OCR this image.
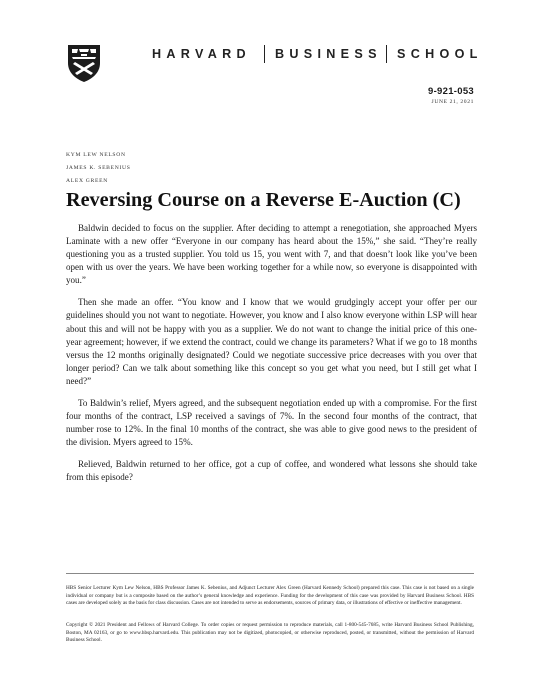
HARVARD BUSINESS SCHOOL
9-921-053
JUNE 21, 2021
KYM LEW NELSON
JAMES K. SEBENIUS
ALEX GREEN
Reversing Course on a Reverse E-Auction (C)

Baldwin decided to focus on the supplier. After deciding to attempt a renegotiation, she approached Myers Laminate with a new offer “Everyone in our company has heard about the 15%,” she said. “They’re really questioning you as a trusted supplier. You told us 15, you went with 7, and that doesn’t look like you’ve been open with us over the years. We have been working together for a while now, so everyone is disappointed with you.”

Then she made an offer. “You know and I know that we would grudgingly accept your offer per our guidelines should you not want to negotiate. However, you know and I also know everyone within LSP will hear about this and will not be happy with you as a supplier. We do not want to change the initial price of this one-year agreement; however, if we extend the contract, could we change its parameters? What if we go to 18 months versus the 12 months originally designated? Could we negotiate successive price decreases with you over that longer period? Can we talk about something like this concept so you get what you need, but I still get what I need?”

To Baldwin’s relief, Myers agreed, and the subsequent negotiation ended up with a compromise. For the first four months of the contract, LSP received a savings of 7%. In the second four months of the contract, that number rose to 12%. In the final 10 months of the contract, she was able to give good news to the president of the division. Myers agreed to 15%.

Relieved, Baldwin returned to her office, got a cup of coffee, and wondered what lessons she should take from this episode?

HBS Senior Lecturer Kym Lew Nelson, HBS Professor James K. Sebenius, and Adjunct Lecturer Alex Green (Harvard Kennedy School) prepared this case. This case is not based on a single individual or company but is a composite based on the author’s general knowledge and experience. Funding for the development of this case was provided by Harvard Business School. HBS cases are developed solely as the basis for class discussion. Cases are not intended to serve as endorsements, sources of primary data, or illustrations of effective or ineffective management.
Copyright © 2021 President and Fellows of Harvard College. To order copies or request permission to reproduce materials, call 1-800-545-7685, write Harvard Business School Publishing, Boston, MA 02163, or go to www.hbsp.harvard.edu. This publication may not be digitized, photocopied, or otherwise reproduced, posted, or transmitted, without the permission of Harvard Business School.
